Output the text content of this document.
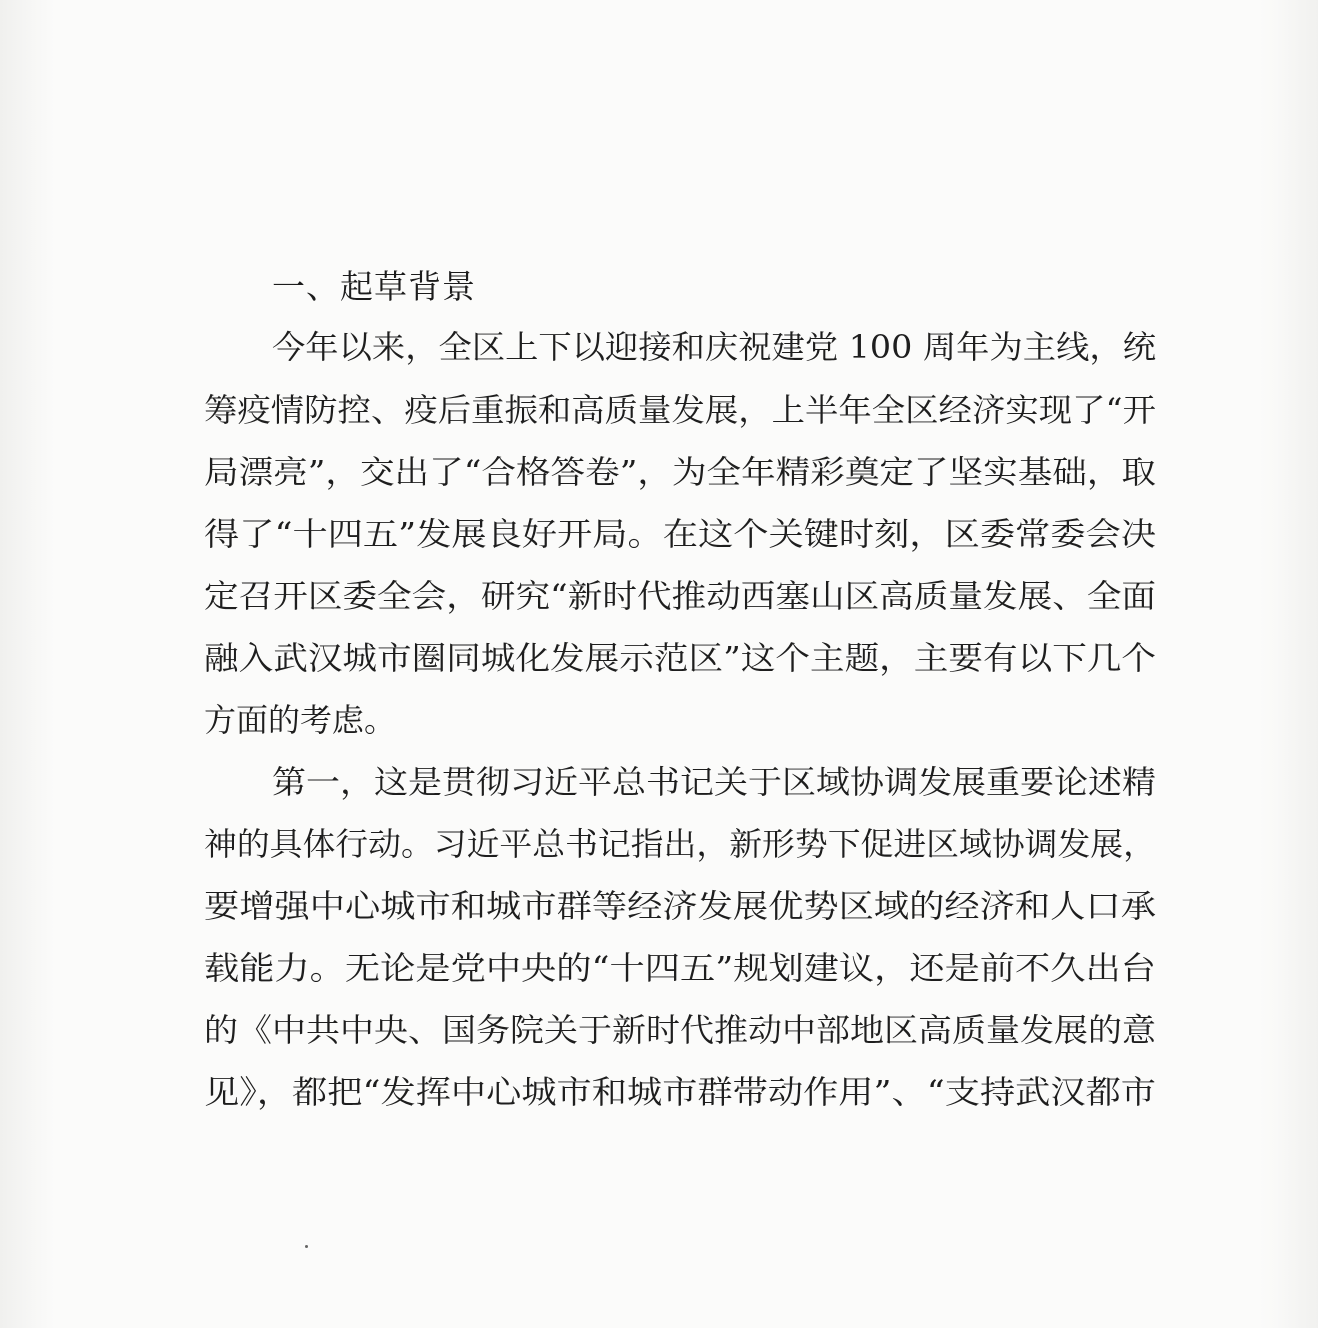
一、起草背景

今年以来，全区上下以迎接和庆祝建党 100 周年为主线，统

筹疫情防控、疫后重振和高质量发展，上半年全区经济实现了“开

局漂亮”，交出了“合格答卷”，为全年精彩奠定了坚实基础，取

得了“十四五”发展良好开局。在这个关键时刻，区委常委会决

定召开区委全会，研究“新时代推动西塞山区高质量发展、全面

融入武汉城市圈同城化发展示范区”这个主题，主要有以下几个

方面的考虑。

第一，这是贯彻习近平总书记关于区域协调发展重要论述精

神的具体行动。习近平总书记指出，新形势下促进区域协调发展，

要增强中心城市和城市群等经济发展优势区域的经济和人口承

载能力。无论是党中央的“十四五”规划建议，还是前不久出台

的《中共中央、国务院关于新时代推动中部地区高质量发展的意

见》，都把“发挥中心城市和城市群带动作用”、“支持武汉都市
